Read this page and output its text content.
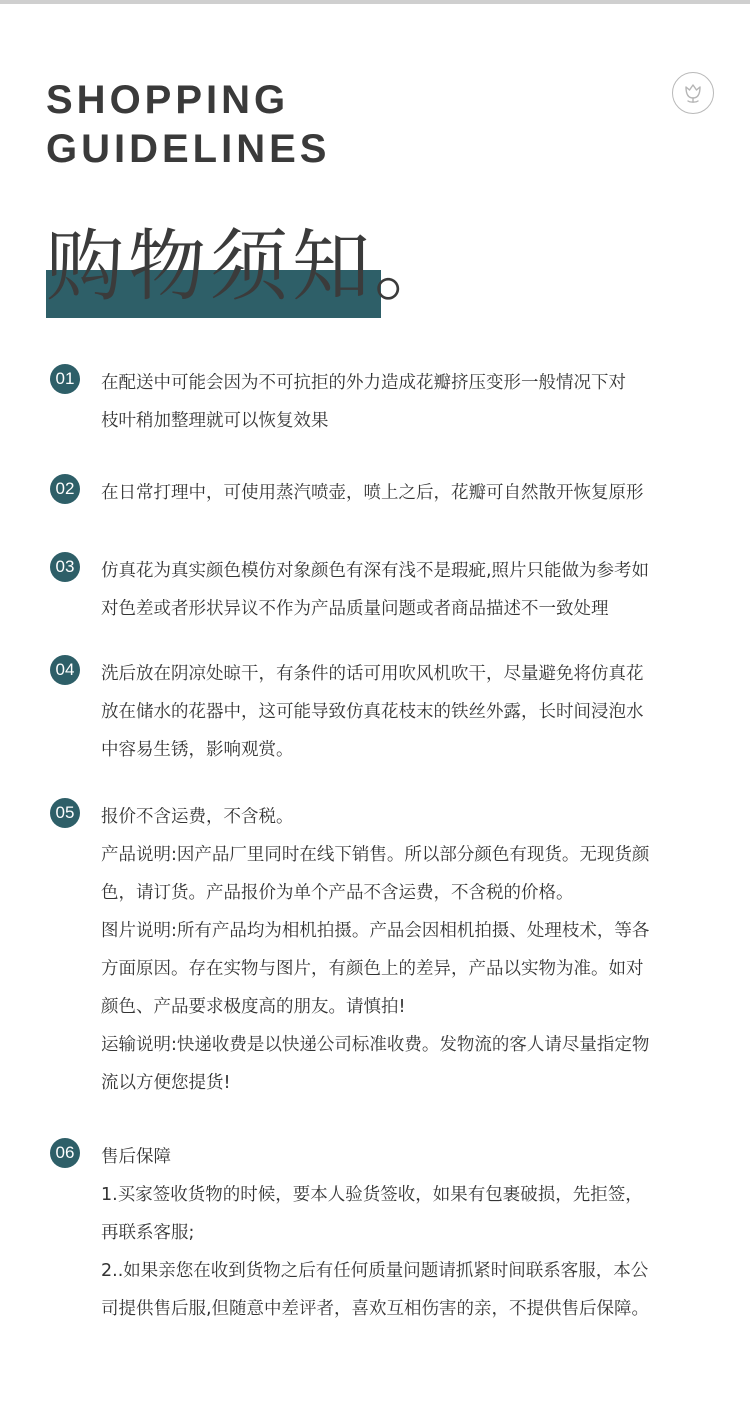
SHOPPING
GUIDELINES
购物须知。
01	在配送中可能会因为不可抗拒的外力造成花瓣挤压变形一般情况下对
枝叶稍加整理就可以恢复效果
02	在日常打理中，可使用蒸汽喷壶，喷上之后，花瓣可自然散开恢复原形
03	仿真花为真实颜色模仿对象颜色有深有浅不是瑕疵,照片只能做为参考如
对色差或者形状异议不作为产品质量问题或者商品描述不一致处理
04	洗后放在阴凉处晾干，有条件的话可用吹风机吹干，尽量避免将仿真花
放在储水的花器中，这可能导致仿真花枝末的铁丝外露，长时间浸泡水
中容易生锈，影响观赏。
05	报价不含运费，不含税。
产品说明:因产品厂里同时在线下销售。所以部分颜色有现货。无现货颜
色，请订货。产品报价为单个产品不含运费，不含税的价格。
图片说明:所有产品均为相机拍摄。产品会因相机拍摄、处理枝术，等各
方面原因。存在实物与图片，有颜色上的差异，产品以实物为准。如对
颜色、产品要求极度高的朋友。请慎拍!
运输说明:快递收费是以快递公司标准收费。发物流的客人请尽量指定物
流以方便您提货!
06	售后保障
1.买家签收货物的时候，要本人验货签收，如果有包裹破损，先拒签，
再联系客服;
2..如果亲您在收到货物之后有任何质量问题请抓紧时间联系客服，本公
司提供售后服,但随意中差评者，喜欢互相伤害的亲，不提供售后保障。
